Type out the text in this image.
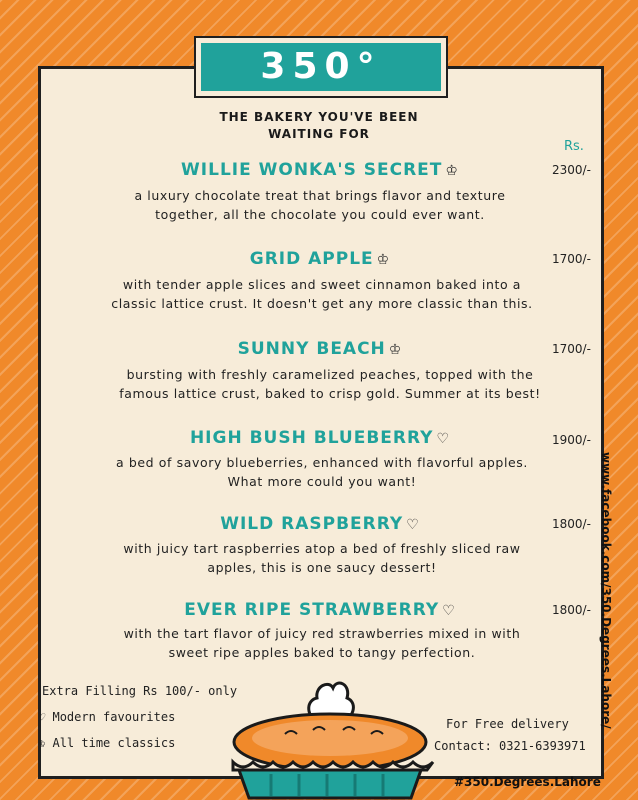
350°

THE BAKERY YOU'VE BEEN
WAITING FOR

Rs.
WILLIE WONKA'S SECRET ♔	2300/-

a luxury chocolate treat that brings flavor and texture
together, all the chocolate you could ever want.

GRID APPLE ♔	1700/-

with tender apple slices and sweet cinnamon baked into a
classic lattice crust. It doesn't get any more classic than this.

SUNNY BEACH ♔	1700/-

bursting with freshly caramelized peaches, topped with the
famous lattice crust, baked to crisp gold. Summer at its best!

HIGH BUSH BLUEBERRY ♡	1900/-

a bed of savory blueberries, enhanced with flavorful apples.
What more could you want!

WILD RASPBERRY ♡	1800/-

with juicy tart raspberries atop a bed of freshly sliced raw
apples, this is one saucy dessert!

EVER RIPE STRAWBERRY ♡	1800/-

with the tart flavor of juicy red strawberries mixed in with
sweet ripe apples baked to tangy perfection.

Extra Filling Rs 100/- only
♡ Modern favourites
♔ All time classics
For Free delivery
Contact: 0321-6393971
www.facebook.com/350.Degrees.Lahore/
#350.Degrees.Lahore
